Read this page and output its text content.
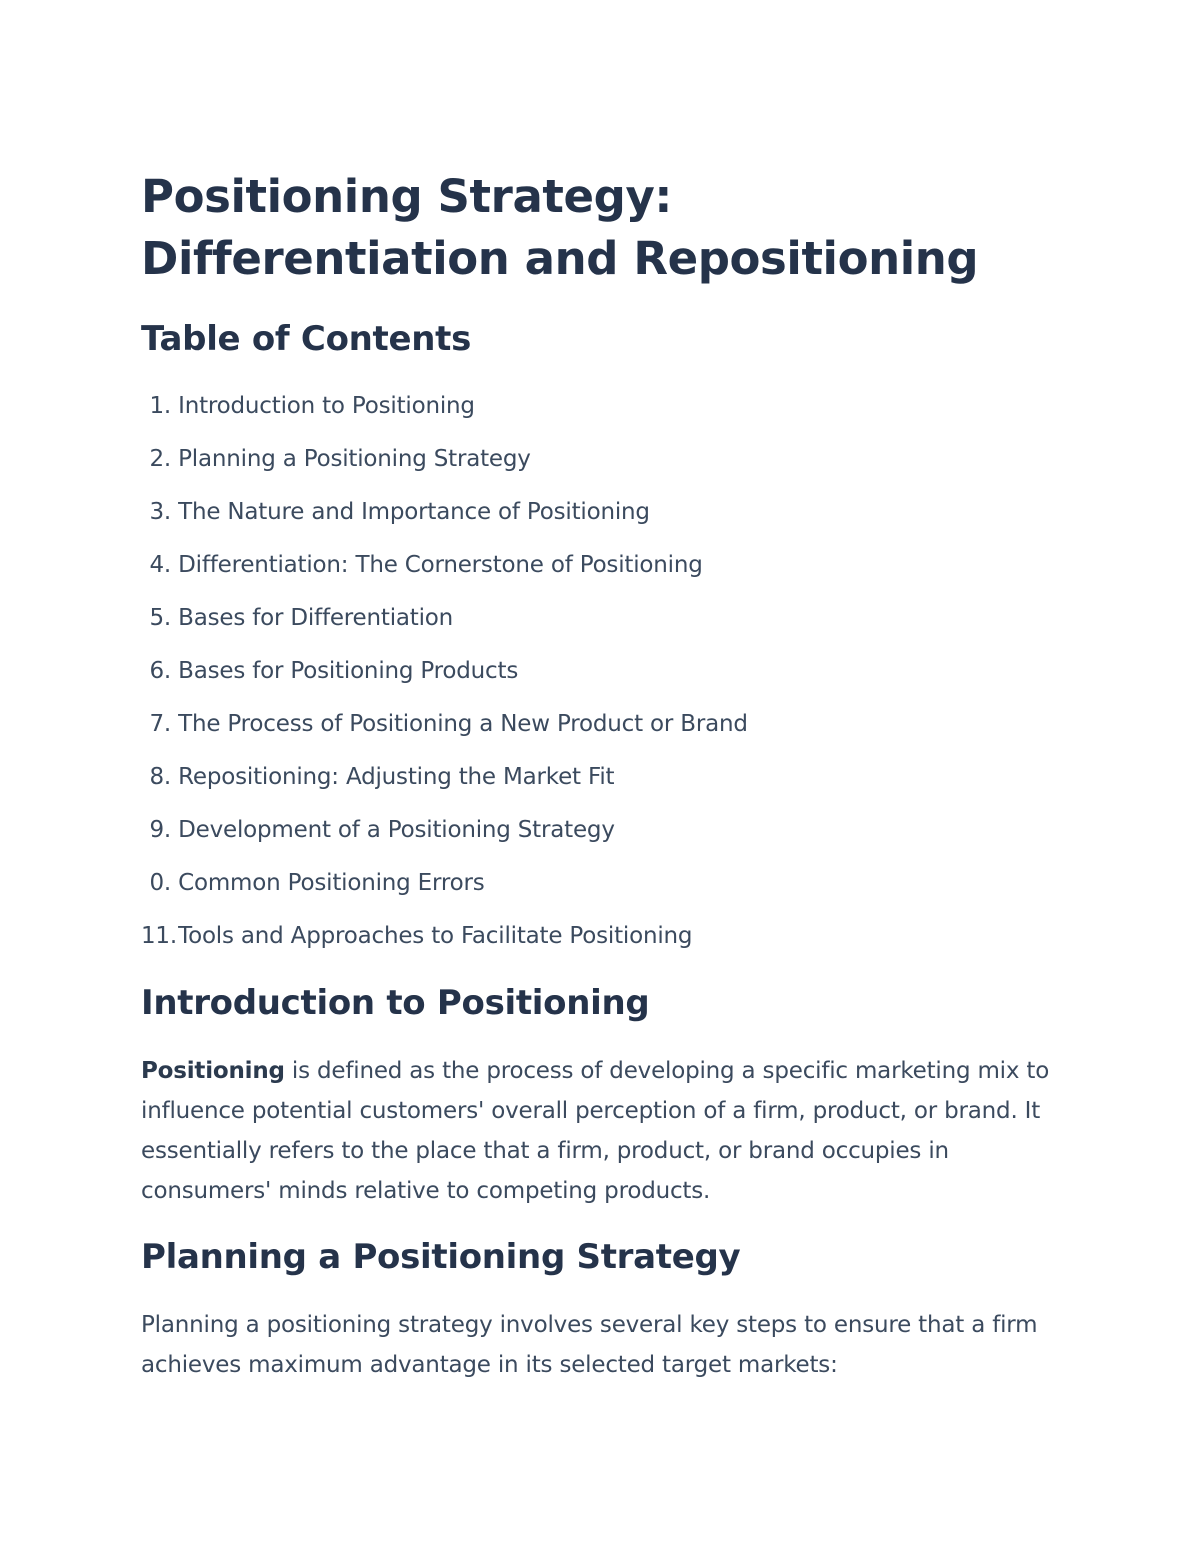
Positioning Strategy: Differentiation and Repositioning
Table of Contents
1. Introduction to Positioning
2. Planning a Positioning Strategy
3. The Nature and Importance of Positioning
4. Differentiation: The Cornerstone of Positioning
5. Bases for Differentiation
6. Bases for Positioning Products
7. The Process of Positioning a New Product or Brand
8. Repositioning: Adjusting the Market Fit
9. Development of a Positioning Strategy
0. Common Positioning Errors
11. Tools and Approaches to Facilitate Positioning
Introduction to Positioning

Positioning is defined as the process of developing a specific marketing mix to influence potential customers' overall perception of a firm, product, or brand. It essentially refers to the place that a firm, product, or brand occupies in consumers' minds relative to competing products.

Planning a Positioning Strategy

Planning a positioning strategy involves several key steps to ensure that a firm achieves maximum advantage in its selected target markets:
